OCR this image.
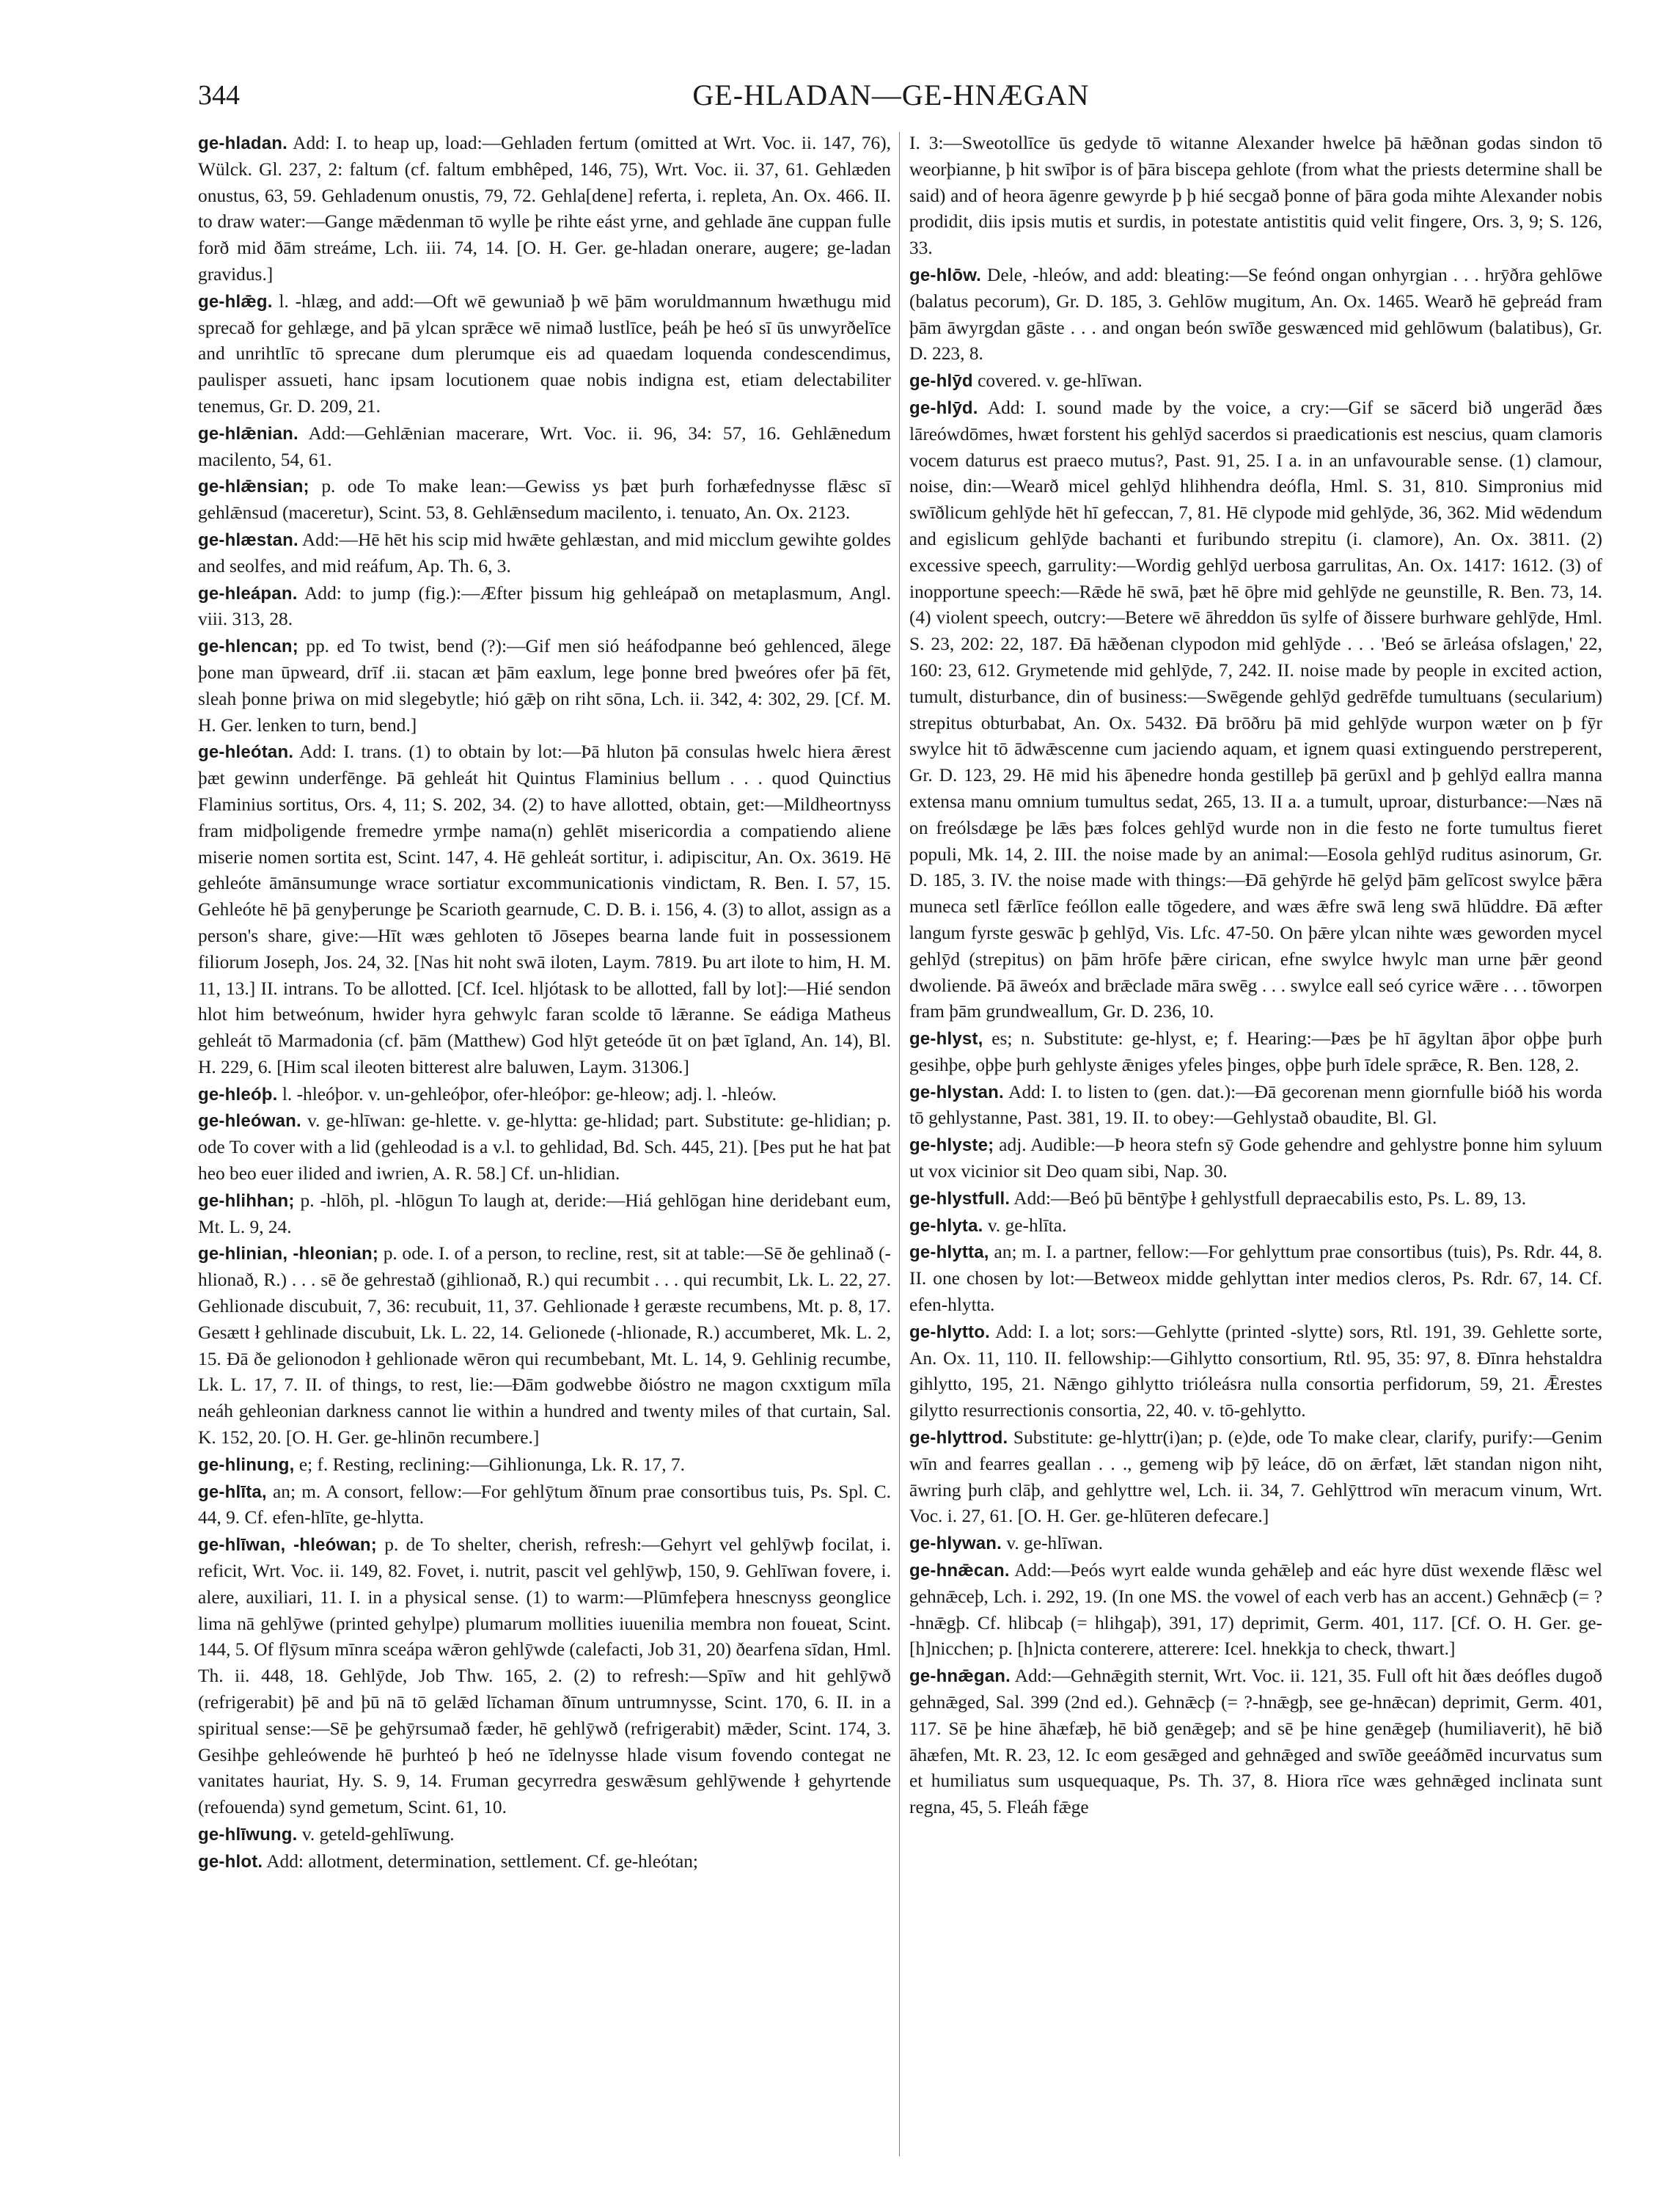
344	GE-HLADAN—GE-HNÆGAN

ge-hladan. Add: I. to heap up, load:—Gehladen fertum (omitted at Wrt. Voc. ii. 147, 76), Wülck. Gl. 237, 2: faltum (cf. faltum embhêped, 146, 75), Wrt. Voc. ii. 37, 61. Gehlæden onustus, 63, 59. Gehladenum onustis, 79, 72. Gehla[dene] referta, i. repleta, An. Ox. 466. II. to draw water:—Gange mǣdenman tō wylle þe rihte eást yrne, and gehlade āne cuppan fulle forð mid ðām streáme, Lch. iii. 74, 14. [O. H. Ger. ge-hladan onerare, augere; ge-ladan gravidus.]

ge-hlǣg. l. -hlæg, and add:—Oft wē gewuniað þ wē þām woruldmannum hwæthugu mid sprecað for gehlæge, and þā ylcan sprǣce wē nimað lustlīce, þeáh þe heó sī ūs unwyrðelīce and unrihtlīc tō sprecane dum plerumque eis ad quaedam loquenda condescendimus, paulisper assueti, hanc ipsam locutionem quae nobis indigna est, etiam delectabiliter tenemus, Gr. D. 209, 21.

ge-hlǣnian. Add:—Gehlǣnian macerare, Wrt. Voc. ii. 96, 34: 57, 16. Gehlǣnedum macilento, 54, 61.

ge-hlǣnsian; p. ode To make lean:—Gewiss ys þæt þurh forhæfednysse flǣsc sī gehlǣnsud (maceretur), Scint. 53, 8. Gehlǣnsedum macilento, i. tenuato, An. Ox. 2123.

ge-hlæstan. Add:—Hē hēt his scip mid hwǣte gehlæstan, and mid micclum gewihte goldes and seolfes, and mid reáfum, Ap. Th. 6, 3.

ge-hleápan. Add: to jump (fig.):—Æfter þissum hig gehleápað on metaplasmum, Angl. viii. 313, 28.

ge-hlencan; pp. ed To twist, bend (?):—Gif men sió heáfodpanne beó gehlenced, ālege þone man ūpweard, drīf .ii. stacan æt þām eaxlum, lege þonne bred þweóres ofer þā fēt, sleah þonne þriwa on mid slegebytle; hió gǣþ on riht sōna, Lch. ii. 342, 4: 302, 29. [Cf. M. H. Ger. lenken to turn, bend.]

ge-hleótan. Add: I. trans. (1) to obtain by lot:—Þā hluton þā consulas hwelc hiera ǣrest þæt gewinn underfēnge. Þā gehleát hit Quintus Flaminius bellum . . . quod Quinctius Flaminius sortitus, Ors. 4, 11; S. 202, 34. (2) to have allotted, obtain, get:—Mildheortnyss fram midþoligende fremedre yrmþe nama(n) gehlēt misericordia a compatiendo aliene miserie nomen sortita est, Scint. 147, 4. Hē gehleát sortitur, i. adipiscitur, An. Ox. 3619. Hē gehleóte āmānsumunge wrace sortiatur excommunicationis vindictam, R. Ben. I. 57, 15. Gehleóte hē þā genyþerunge þe Scarioth gearnude, C. D. B. i. 156, 4. (3) to allot, assign as a person's share, give:—Hīt wæs gehloten tō Jōsepes bearna lande fuit in possessionem filiorum Joseph, Jos. 24, 32. [Nas hit noht swā iloten, Laym. 7819. Þu art ilote to him, H. M. 11, 13.] II. intrans. To be allotted. [Cf. Icel. hljótask to be allotted, fall by lot]:—Hié sendon hlot him betweónum, hwider hyra gehwylc faran scolde tō lǣranne. Se eádiga Matheus gehleát tō Marmadonia (cf. þām (Matthew) God hlȳt geteóde ūt on þæt īgland, An. 14), Bl. H. 229, 6. [Him scal ileoten bitterest alre baluwen, Laym. 31306.]

ge-hleóþ. l. -hleóþor. v. un-gehleóþor, ofer-hleóþor: ge-hleow; adj. l. -hleów.

ge-hleówan. v. ge-hlīwan: ge-hlette. v. ge-hlytta: ge-hlidad; part. Substitute: ge-hlidian; p. ode To cover with a lid (gehleodad is a v.l. to gehlidad, Bd. Sch. 445, 21). [Þes put he hat þat heo beo euer ilided and iwrien, A. R. 58.] Cf. un-hlidian.

ge-hlihhan; p. -hlōh, pl. -hlōgun To laugh at, deride:—Hiá gehlōgan hine deridebant eum, Mt. L. 9, 24.

ge-hlinian, -hleonian; p. ode. I. of a person, to recline, rest, sit at table:—Sē ðe gehlinað (-hlionað, R.) . . . sē ðe gehrestað (gihlionað, R.) qui recumbit . . . qui recumbit, Lk. L. 22, 27. Gehlionade discubuit, 7, 36: recubuit, 11, 37. Gehlionade ł geræste recumbens, Mt. p. 8, 17. Gesætt ł gehlinade discubuit, Lk. L. 22, 14. Gelionede (-hlionade, R.) accumberet, Mk. L. 2, 15. Ðā ðe gelionodon ł gehlionade wēron qui recumbebant, Mt. L. 14, 9. Gehlinig recumbe, Lk. L. 17, 7. II. of things, to rest, lie:—Ðām godwebbe ðióstro ne magon cxxtigum mīla neáh gehleonian darkness cannot lie within a hundred and twenty miles of that curtain, Sal. K. 152, 20. [O. H. Ger. ge-hlinōn recumbere.]

ge-hlinung, e; f. Resting, reclining:—Gihlionunga, Lk. R. 17, 7.

ge-hlīta, an; m. A consort, fellow:—For gehlȳtum ðīnum prae consortibus tuis, Ps. Spl. C. 44, 9. Cf. efen-hlīte, ge-hlytta.

ge-hlīwan, -hleówan; p. de To shelter, cherish, refresh:—Gehyrt vel gehlȳwþ focilat, i. reficit, Wrt. Voc. ii. 149, 82. Fovet, i. nutrit, pascit vel gehlȳwþ, 150, 9. Gehlīwan fovere, i. alere, auxiliari, 11. I. in a physical sense. (1) to warm:—Plūmfeþera hnescnyss geonglice lima nā gehlȳwe (printed gehylpe) plumarum mollities iuuenilia membra non foueat, Scint. 144, 5. Of flȳsum mīnra sceápa wǣron gehlȳwde (calefacti, Job 31, 20) ðearfena sīdan, Hml. Th. ii. 448, 18. Gehlȳde, Job Thw. 165, 2. (2) to refresh:—Spīw and hit gehlȳwð (refrigerabit) þē and þū nā tō gelǣd līchaman ðīnum untrumnysse, Scint. 170, 6. II. in a spiritual sense:—Sē þe gehȳrsumað fæder, hē gehlȳwð (refrigerabit) mǣder, Scint. 174, 3. Gesihþe gehleówende hē þurhteó þ heó ne īdelnysse hlade visum fovendo contegat ne vanitates hauriat, Hy. S. 9, 14. Fruman gecyrredra geswǣsum gehlȳwende ł gehyrtende (refouenda) synd gemetum, Scint. 61, 10.

ge-hlīwung. v. geteld-gehlīwung.

ge-hlot. Add: allotment, determination, settlement. Cf. ge-hleótan;

I. 3:—Sweotollīce ūs gedyde tō witanne Alexander hwelce þā hǣðnan godas sindon tō weorþianne, þ hit swīþor is of þāra biscepa gehlote (from what the priests determine shall be said) and of heora āgenre gewyrde þ þ hié secgað þonne of þāra goda mihte Alexander nobis prodidit, diis ipsis mutis et surdis, in potestate antistitis quid velit fingere, Ors. 3, 9; S. 126, 33.

ge-hlōw. Dele, -hleów, and add: bleating:—Se feónd ongan onhyrgian . . . hrȳðra gehlōwe (balatus pecorum), Gr. D. 185, 3. Gehlōw mugitum, An. Ox. 1465. Wearð hē geþreád fram þām āwyrgdan gāste . . . and ongan beón swīðe geswænced mid gehlōwum (balatibus), Gr. D. 223, 8.

ge-hlȳd covered. v. ge-hlīwan.

ge-hlȳd. Add: I. sound made by the voice, a cry:—Gif se sācerd bið ungerād ðæs lāreówdōmes, hwæt forstent his gehlȳd sacerdos si praedicationis est nescius, quam clamoris vocem daturus est praeco mutus?, Past. 91, 25. I a. in an unfavourable sense. (1) clamour, noise, din:—Wearð micel gehlȳd hlihhendra deófla, Hml. S. 31, 810. Simpronius mid swīðlicum gehlȳde hēt hī gefeccan, 7, 81. Hē clypode mid gehlȳde, 36, 362. Mid wēdendum and egislicum gehlȳde bachanti et furibundo strepitu (i. clamore), An. Ox. 3811. (2) excessive speech, garrulity:—Wordig gehlȳd uerbosa garrulitas, An. Ox. 1417: 1612. (3) of inopportune speech:—Rǣde hē swā, þæt hē ōþre mid gehlȳde ne geunstille, R. Ben. 73, 14. (4) violent speech, outcry:—Betere wē āhreddon ūs sylfe of ðissere burhware gehlȳde, Hml. S. 23, 202: 22, 187. Ðā hǣðenan clypodon mid gehlȳde . . . 'Beó se ārleása ofslagen,' 22, 160: 23, 612. Grymetende mid gehlȳde, 7, 242. II. noise made by people in excited action, tumult, disturbance, din of business:—Swēgende gehlȳd gedrēfde tumultuans (secularium) strepitus obturbabat, An. Ox. 5432. Ðā brōðru þā mid gehlȳde wurpon wæter on þ fȳr swylce hit tō ādwǣscenne cum jaciendo aquam, et ignem quasi extinguendo perstreperent, Gr. D. 123, 29. Hē mid his āþenedre honda gestilleþ þā gerūxl and þ gehlȳd eallra manna extensa manu omnium tumultus sedat, 265, 13. II a. a tumult, uproar, disturbance:—Næs nā on freólsdæge þe lǣs þæs folces gehlȳd wurde non in die festo ne forte tumultus fieret populi, Mk. 14, 2. III. the noise made by an animal:—Eosola gehlȳd ruditus asinorum, Gr. D. 185, 3. IV. the noise made with things:—Ðā gehȳrde hē gelȳd þām gelīcost swylce þǣra muneca setl fǣrlīce feóllon ealle tōgedere, and wæs ǣfre swā leng swā hlūddre. Ðā æfter langum fyrste geswāc þ gehlȳd, Vis. Lfc. 47-50. On þǣre ylcan nihte wæs geworden mycel gehlȳd (strepitus) on þām hrōfe þǣre cirican, efne swylce hwylc man urne þǣr geond dwoliende. Þā āweóx and brǣclade māra swēg . . . swylce eall seó cyrice wǣre . . . tōworpen fram þām grundweallum, Gr. D. 236, 10.

ge-hlyst, es; n. Substitute: ge-hlyst, e; f. Hearing:—Þæs þe hī āgyltan āþor oþþe þurh gesihþe, oþþe þurh gehlyste ǣniges yfeles þinges, oþþe þurh īdele sprǣce, R. Ben. 128, 2.

ge-hlystan. Add: I. to listen to (gen. dat.):—Ðā gecorenan menn giornfulle bióð his worda tō gehlystanne, Past. 381, 19. II. to obey:—Gehlystað obaudite, Bl. Gl.

ge-hlyste; adj. Audible:—Þ heora stefn sȳ Gode gehendre and gehlystre þonne him syluum ut vox vicinior sit Deo quam sibi, Nap. 30.

ge-hlystfull. Add:—Beó þū bēntȳþe ł gehlystfull depraecabilis esto, Ps. L. 89, 13.

ge-hlyta. v. ge-hlīta.

ge-hlytta, an; m. I. a partner, fellow:—For gehlyttum prae consortibus (tuis), Ps. Rdr. 44, 8. II. one chosen by lot:—Betweox midde gehlyttan inter medios cleros, Ps. Rdr. 67, 14. Cf. efen-hlytta.

ge-hlytto. Add: I. a lot; sors:—Gehlytte (printed -slytte) sors, Rtl. 191, 39. Gehlette sorte, An. Ox. 11, 110. II. fellowship:—Gihlytto consortium, Rtl. 95, 35: 97, 8. Ðīnra hehstaldra gihlytto, 195, 21. Nǣngo gihlytto trióleásra nulla consortia perfidorum, 59, 21. Ǣrestes gilytto resurrectionis consortia, 22, 40. v. tō-gehlytto.

ge-hlyttrod. Substitute: ge-hlyttr(i)an; p. (e)de, ode To make clear, clarify, purify:—Genim wīn and fearres geallan . . ., gemeng wiþ þȳ leáce, dō on ǣrfæt, lǣt standan nigon niht, āwring þurh clāþ, and gehlyttre wel, Lch. ii. 34, 7. Gehlȳttrod wīn meracum vinum, Wrt. Voc. i. 27, 61. [O. H. Ger. ge-hlūteren defecare.]

ge-hlywan. v. ge-hlīwan.

ge-hnǣcan. Add:—Þeós wyrt ealde wunda gehǣleþ and eác hyre dūst wexende flǣsc wel gehnǣceþ, Lch. i. 292, 19. (In one MS. the vowel of each verb has an accent.) Gehnǣcþ (= ?-hnǣgþ. Cf. hlibcaþ (= hlihgaþ), 391, 17) deprimit, Germ. 401, 117. [Cf. O. H. Ger. ge-[h]nicchen; p. [h]nicta conterere, atterere: Icel. hnekkja to check, thwart.]

ge-hnǣgan. Add:—Gehnǣgith sternit, Wrt. Voc. ii. 121, 35. Full oft hit ðæs deófles dugoð gehnǣged, Sal. 399 (2nd ed.). Gehnǣcþ (= ?-hnǣgþ, see ge-hnǣcan) deprimit, Germ. 401, 117. Sē þe hine āhæfæþ, hē bið genǣgeþ; and sē þe hine genǣgeþ (humiliaverit), hē bið āhæfen, Mt. R. 23, 12. Ic eom gesǣged and gehnǣged and swīðe geeáðmēd incurvatus sum et humiliatus sum usquequaque, Ps. Th. 37, 8. Hiora rīce wæs gehnǣged inclinata sunt regna, 45, 5. Fleáh fǣge
